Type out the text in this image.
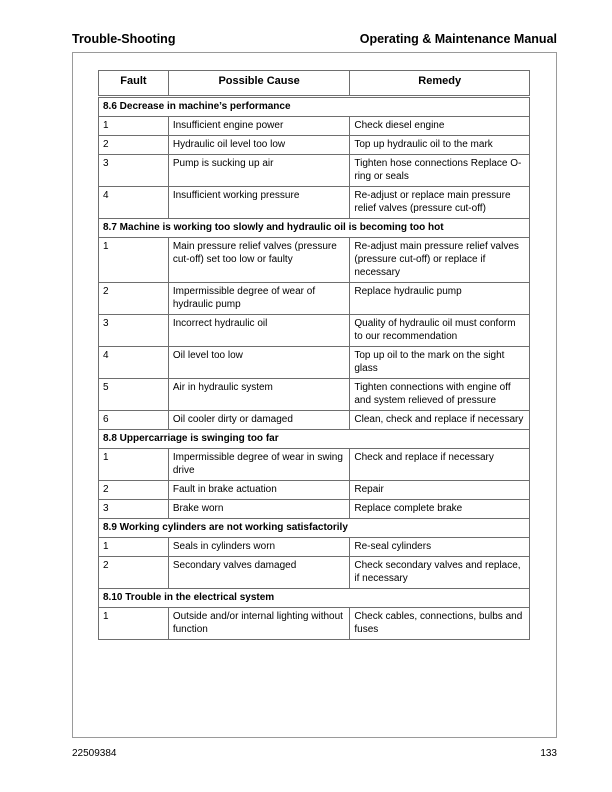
Trouble-Shooting	Operating & Maintenance Manual
Fault	Possible Cause	Remedy
8.6 Decrease in machine’s performance		
1	Insufficient engine power	Check diesel engine
2	Hydraulic oil level too low	Top up hydraulic oil to the mark
3	Pump is sucking up air	Tighten hose connections Replace O-ring or seals
4	Insufficient working pressure	Re-adjust or replace main pressure relief valves (pressure cut-off)
8.7 Machine is working too slowly and hydraulic oil is becoming too hot		
1	Main pressure relief valves (pressure cut-off) set too low or faulty	Re-adjust main pressure relief valves (pressure cut-off) or replace if necessary
2	Impermissible degree of wear of hydraulic pump	Replace hydraulic pump
3	Incorrect hydraulic oil	Quality of hydraulic oil must conform to our recommendation
4	Oil level too low	Top up oil to the mark on the sight glass
5	Air in hydraulic system	Tighten connections with engine off and system relieved of pressure
6	Oil cooler dirty or damaged	Clean, check and replace if necessary
8.8 Uppercarriage is swinging too far		
1	Impermissible degree of wear in swing drive	Check and replace if necessary
2	Fault in brake actuation	Repair
3	Brake worn	Replace complete brake
8.9 Working cylinders are not working satisfactorily		
1	Seals in cylinders worn	Re-seal cylinders
2	Secondary valves damaged	Check secondary valves and replace, if necessary
8.10 Trouble in the electrical system		
1	Outside and/or internal lighting without function	Check cables, connections, bulbs and fuses
22509384	133
